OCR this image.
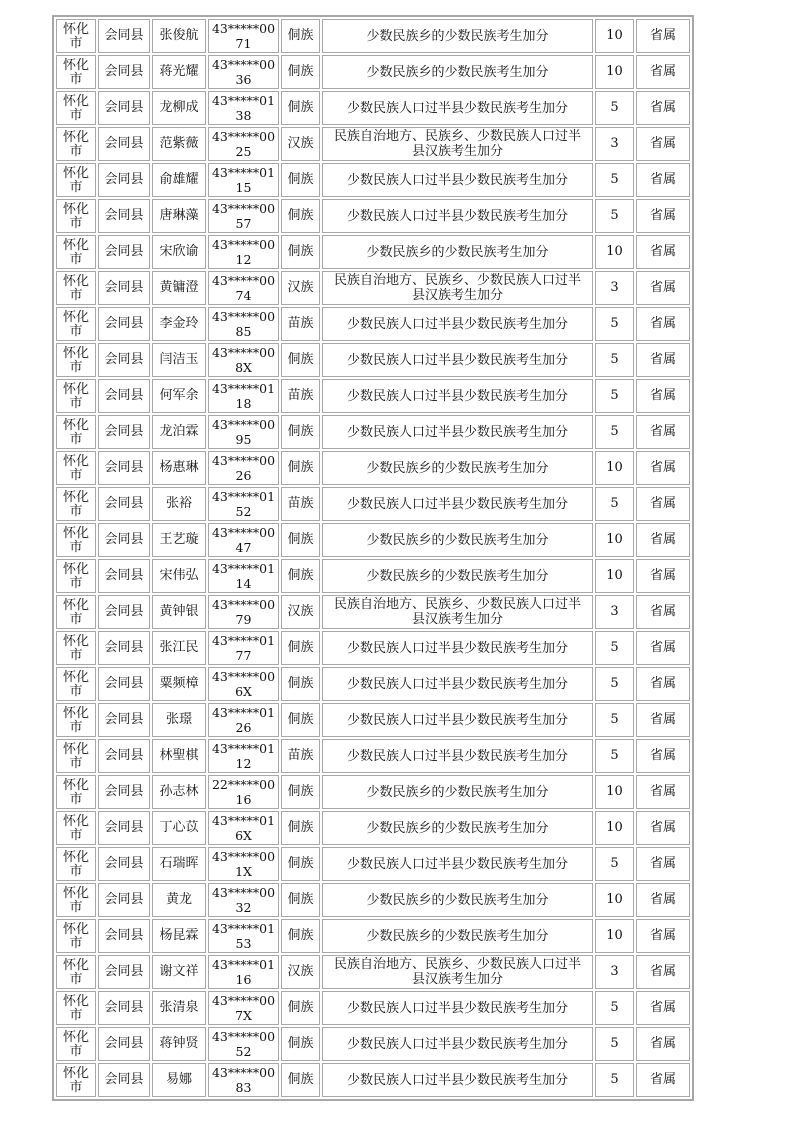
怀化市	会同县	张俊航	43*****0071	侗族	少数民族乡的少数民族考生加分	10	省属
怀化市	会同县	蒋光耀	43*****0036	侗族	少数民族乡的少数民族考生加分	10	省属
怀化市	会同县	龙柳成	43*****0138	侗族	少数民族人口过半县少数民族考生加分	5	省属
怀化市	会同县	范紫薇	43*****0025	汉族	民族自治地方、民族乡、少数民族人口过半县汉族考生加分	3	省属
怀化市	会同县	俞雄耀	43*****0115	侗族	少数民族人口过半县少数民族考生加分	5	省属
怀化市	会同县	唐琳藻	43*****0057	侗族	少数民族人口过半县少数民族考生加分	5	省属
怀化市	会同县	宋欣谕	43*****0012	侗族	少数民族乡的少数民族考生加分	10	省属
怀化市	会同县	黄镛澄	43*****0074	汉族	民族自治地方、民族乡、少数民族人口过半县汉族考生加分	3	省属
怀化市	会同县	李金玲	43*****0085	苗族	少数民族人口过半县少数民族考生加分	5	省属
怀化市	会同县	闫洁玉	43*****008X	侗族	少数民族人口过半县少数民族考生加分	5	省属
怀化市	会同县	何军余	43*****0118	苗族	少数民族人口过半县少数民族考生加分	5	省属
怀化市	会同县	龙泊霖	43*****0095	侗族	少数民族人口过半县少数民族考生加分	5	省属
怀化市	会同县	杨惠琳	43*****0026	侗族	少数民族乡的少数民族考生加分	10	省属
怀化市	会同县	张裕	43*****0152	苗族	少数民族人口过半县少数民族考生加分	5	省属
怀化市	会同县	王艺璇	43*****0047	侗族	少数民族乡的少数民族考生加分	10	省属
怀化市	会同县	宋伟弘	43*****0114	侗族	少数民族乡的少数民族考生加分	10	省属
怀化市	会同县	黄钟银	43*****0079	汉族	民族自治地方、民族乡、少数民族人口过半县汉族考生加分	3	省属
怀化市	会同县	张江民	43*****0177	侗族	少数民族人口过半县少数民族考生加分	5	省属
怀化市	会同县	粟频樟	43*****006X	侗族	少数民族人口过半县少数民族考生加分	5	省属
怀化市	会同县	张璟	43*****0126	侗族	少数民族人口过半县少数民族考生加分	5	省属
怀化市	会同县	林聖棋	43*****0112	苗族	少数民族人口过半县少数民族考生加分	5	省属
怀化市	会同县	孙志林	22*****0016	侗族	少数民族乡的少数民族考生加分	10	省属
怀化市	会同县	丁心苡	43*****016X	侗族	少数民族乡的少数民族考生加分	10	省属
怀化市	会同县	石瑞晖	43*****001X	侗族	少数民族人口过半县少数民族考生加分	5	省属
怀化市	会同县	黄龙	43*****0032	侗族	少数民族乡的少数民族考生加分	10	省属
怀化市	会同县	杨昆霖	43*****0153	侗族	少数民族乡的少数民族考生加分	10	省属
怀化市	会同县	谢文祥	43*****0116	汉族	民族自治地方、民族乡、少数民族人口过半县汉族考生加分	3	省属
怀化市	会同县	张清泉	43*****007X	侗族	少数民族人口过半县少数民族考生加分	5	省属
怀化市	会同县	蒋钟贤	43*****0052	侗族	少数民族人口过半县少数民族考生加分	5	省属
怀化市	会同县	易娜	43*****0083	侗族	少数民族人口过半县少数民族考生加分	5	省属
